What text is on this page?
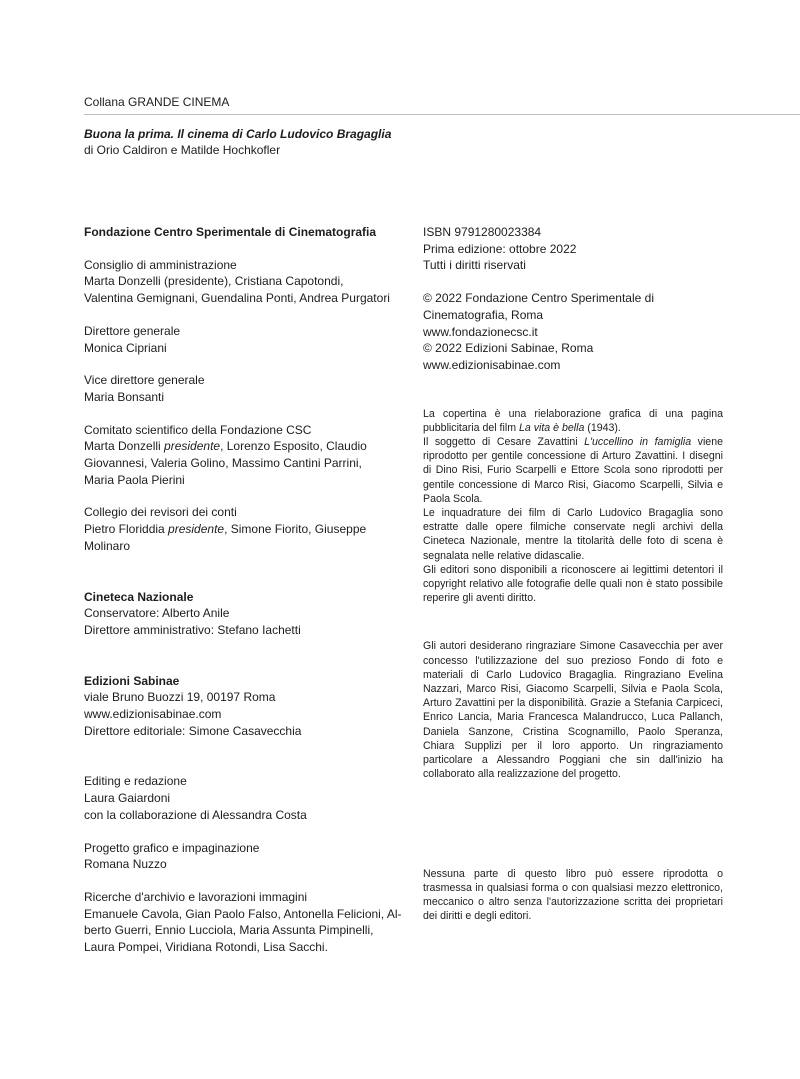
Collana GRANDE CINEMA
Buona la prima. Il cinema di Carlo Ludovico Bragaglia
di Orio Caldiron e Matilde Hochkofler

Fondazione Centro Sperimentale di Cinematografia

Consiglio di amministrazione

Marta Donzelli (presidente), Cristiana Capotondi,

Valentina Gemignani, Guendalina Ponti, Andrea Purgatori

Direttore generale

Monica Cipriani

Vice direttore generale

Maria Bonsanti

Comitato scientifico della Fondazione CSC

Marta Donzelli presidente, Lorenzo Esposito, Claudio

Giovannesi, Valeria Golino, Massimo Cantini Parrini,

Maria Paola Pierini

Collegio dei revisori dei conti

Pietro Floriddia presidente, Simone Fiorito, Giuseppe

Molinaro

Cineteca Nazionale

Conservatore: Alberto Anile

Direttore amministrativo: Stefano Iachetti

Edizioni Sabinae

viale Bruno Buozzi 19, 00197 Roma

www.edizionisabinae.com

Direttore editoriale: Simone Casavecchia

Editing e redazione

Laura Gaiardoni

con la collaborazione di Alessandra Costa

Progetto grafico e impaginazione

Romana Nuzzo

Ricerche d'archivio e lavorazioni immagini

Emanuele Cavola, Gian Paolo Falso, Antonella Felicioni, Al-

berto Guerri, Ennio Lucciola, Maria Assunta Pimpinelli,

Laura Pompei, Viridiana Rotondi, Lisa Sacchi.

ISBN 9791280023384

Prima edizione: ottobre 2022

Tutti i diritti riservati

© 2022 Fondazione Centro Sperimentale di

Cinematografia, Roma

www.fondazionecsc.it

© 2022 Edizioni Sabinae, Roma

www.edizionisabinae.com

La copertina è una rielaborazione grafica di una pagina pubblicitaria del film La vita è bella (1943).

Il soggetto di Cesare Zavattini L'uccellino in famiglia viene riprodotto per gentile concessione di Arturo Zavattini. I disegni di Dino Risi, Furio Scarpelli e Ettore Scola sono riprodotti per gentile concessione di Marco Risi, Giacomo Scarpelli, Silvia e Paola Scola.

Le inquadrature dei film di Carlo Ludovico Bragaglia sono estratte dalle opere filmiche conservate negli archivi della Cineteca Nazionale, mentre la titolarità delle foto di scena è segnalata nelle relative didascalie.

Gli editori sono disponibili a riconoscere ai legittimi detentori il copyright relativo alle fotografie delle quali non è stato possibile reperire gli aventi diritto.

Gli autori desiderano ringraziare Simone Casavecchia per aver concesso l'utilizzazione del suo prezioso Fondo di foto e materiali di Carlo Ludovico Bragaglia. Ringraziano Evelina Nazzari, Marco Risi, Giacomo Scarpelli, Silvia e Paola Scola, Arturo Zavattini per la disponibilità. Grazie a Stefania Carpiceci, Enrico Lancia, Maria Francesca Malandrucco, Luca Pallanch, Daniela Sanzone, Cristina Scognamillo, Paolo Speranza, Chiara Supplizi per il loro apporto. Un ringraziamento particolare a Alessandro Poggiani che sin dall'inizio ha collaborato alla realizzazione del progetto.

Nessuna parte di questo libro può essere riprodotta o trasmessa in qualsiasi forma o con qualsiasi mezzo elettronico, meccanico o altro senza l'autorizzazione scritta dei proprietari dei diritti e degli editori.
